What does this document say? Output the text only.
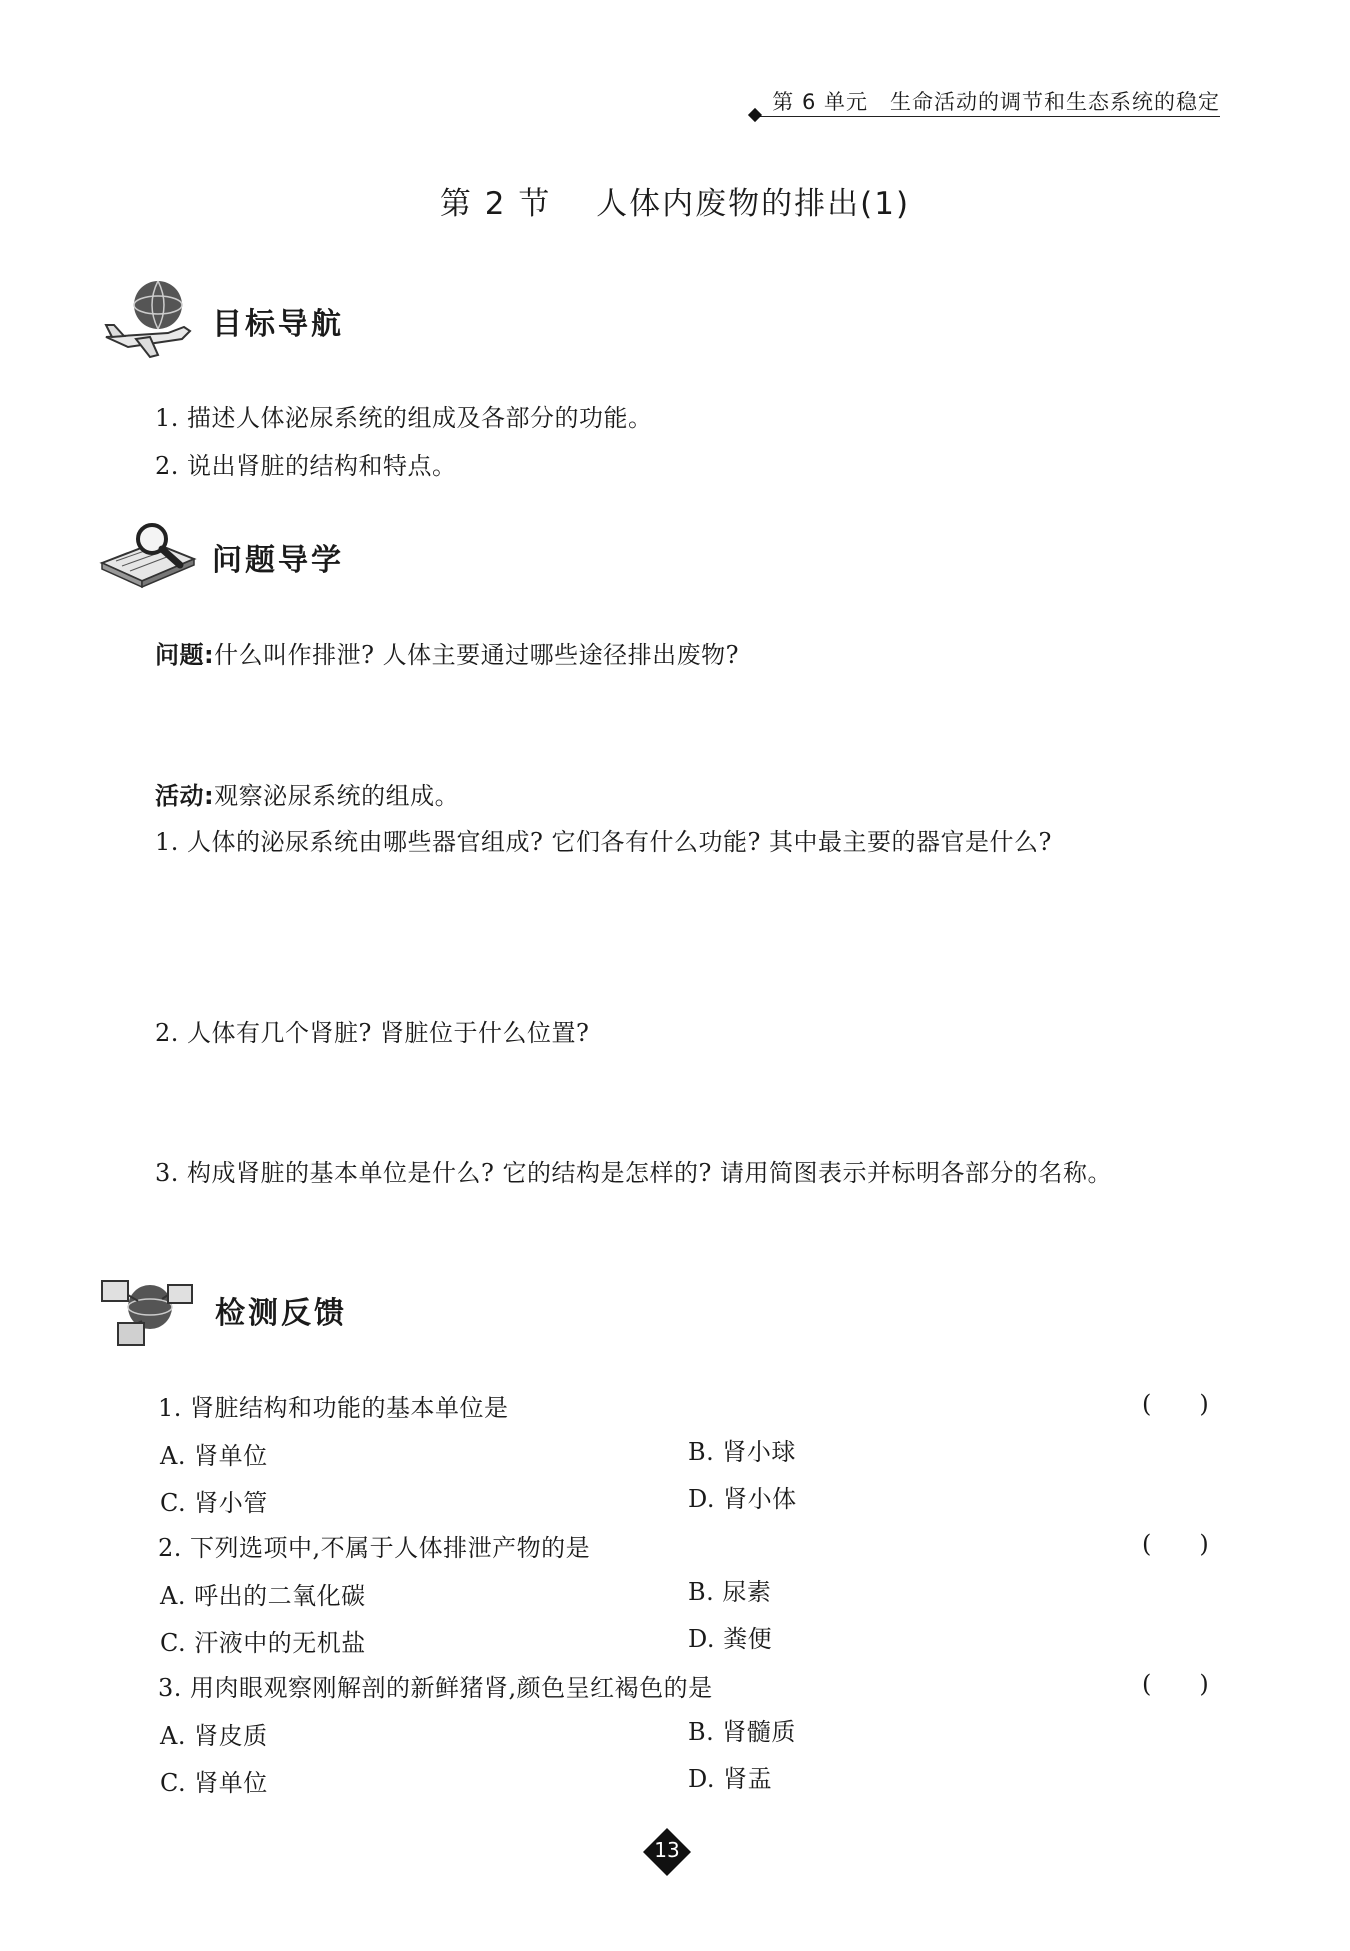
第 6 单元　生命活动的调节和生态系统的稳定
第 2 节　 人体内废物的排出(1)
目标导航
1. 描述人体泌尿系统的组成及各部分的功能。
2. 说出肾脏的结构和特点。
问题导学
问题:什么叫作排泄? 人体主要通过哪些途径排出废物?
活动:观察泌尿系统的组成。
1. 人体的泌尿系统由哪些器官组成? 它们各有什么功能? 其中最主要的器官是什么?
2. 人体有几个肾脏? 肾脏位于什么位置?
3. 构成肾脏的基本单位是什么? 它的结构是怎样的? 请用简图表示并标明各部分的名称。
检测反馈
1. 肾脏结构和功能的基本单位是	(　　)
A. 肾单位	B. 肾小球
C. 肾小管	D. 肾小体
2. 下列选项中,不属于人体排泄产物的是	(　　)
A. 呼出的二氧化碳	B. 尿素
C. 汗液中的无机盐	D. 粪便
3. 用肉眼观察刚解剖的新鲜猪肾,颜色呈红褐色的是	(　　)
A. 肾皮质	B. 肾髓质
C. 肾单位	D. 肾盂
13
